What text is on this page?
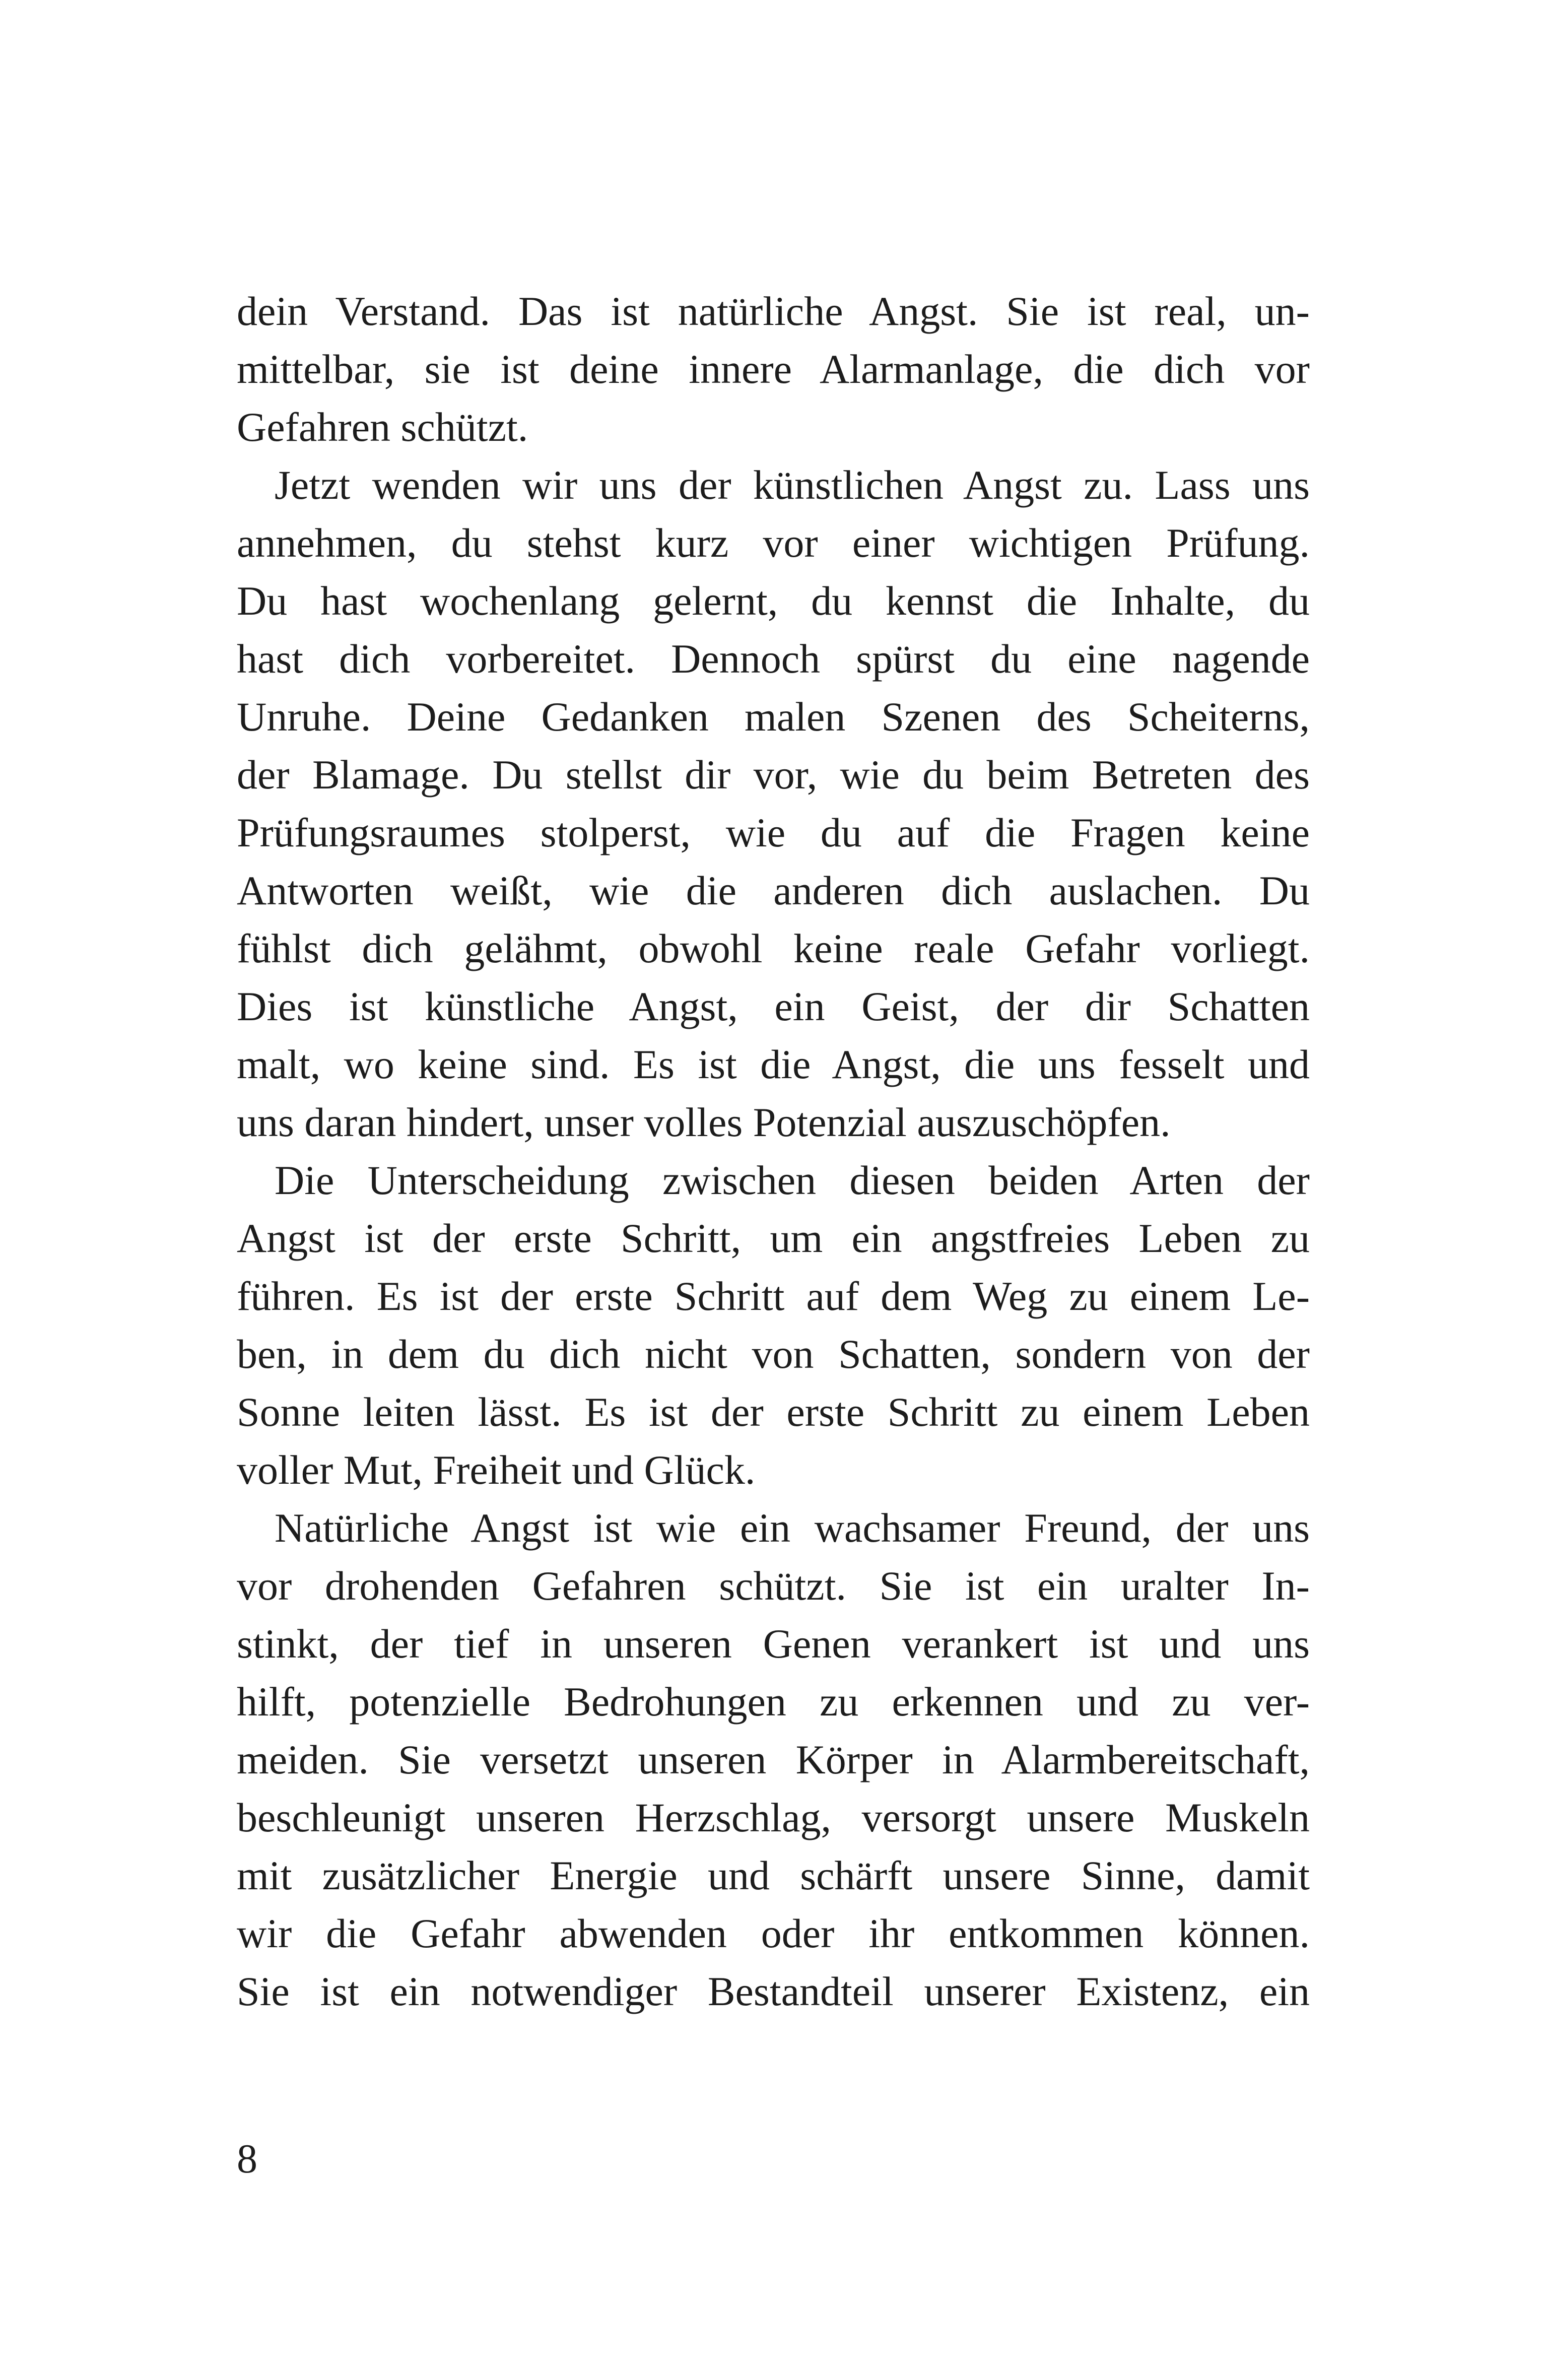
dein Verstand. Das ist natürliche Angst. Sie ist real, un-
mittelbar, sie ist deine innere Alarmanlage, die dich vor
Gefahren schützt.
Jetzt wenden wir uns der künstlichen Angst zu. Lass uns
annehmen, du stehst kurz vor einer wichtigen Prüfung.
Du hast wochenlang gelernt, du kennst die Inhalte, du
hast dich vorbereitet. Dennoch spürst du eine nagende
Unruhe. Deine Gedanken malen Szenen des Scheiterns,
der Blamage. Du stellst dir vor, wie du beim Betreten des
Prüfungsraumes stolperst, wie du auf die Fragen keine
Antworten weißt, wie die anderen dich auslachen. Du
fühlst dich gelähmt, obwohl keine reale Gefahr vorliegt.
Dies ist künstliche Angst, ein Geist, der dir Schatten
malt, wo keine sind. Es ist die Angst, die uns fesselt und
uns daran hindert, unser volles Potenzial auszuschöpfen.
Die Unterscheidung zwischen diesen beiden Arten der
Angst ist der erste Schritt, um ein angstfreies Leben zu
führen. Es ist der erste Schritt auf dem Weg zu einem Le-
ben, in dem du dich nicht von Schatten, sondern von der
Sonne leiten lässt. Es ist der erste Schritt zu einem Leben
voller Mut, Freiheit und Glück.
Natürliche Angst ist wie ein wachsamer Freund, der uns
vor drohenden Gefahren schützt. Sie ist ein uralter In-
stinkt, der tief in unseren Genen verankert ist und uns
hilft, potenzielle Bedrohungen zu erkennen und zu ver-
meiden. Sie versetzt unseren Körper in Alarmbereitschaft,
beschleunigt unseren Herzschlag, versorgt unsere Muskeln
mit zusätzlicher Energie und schärft unsere Sinne, damit
wir die Gefahr abwenden oder ihr entkommen können.
Sie ist ein notwendiger Bestandteil unserer Existenz, ein
8
